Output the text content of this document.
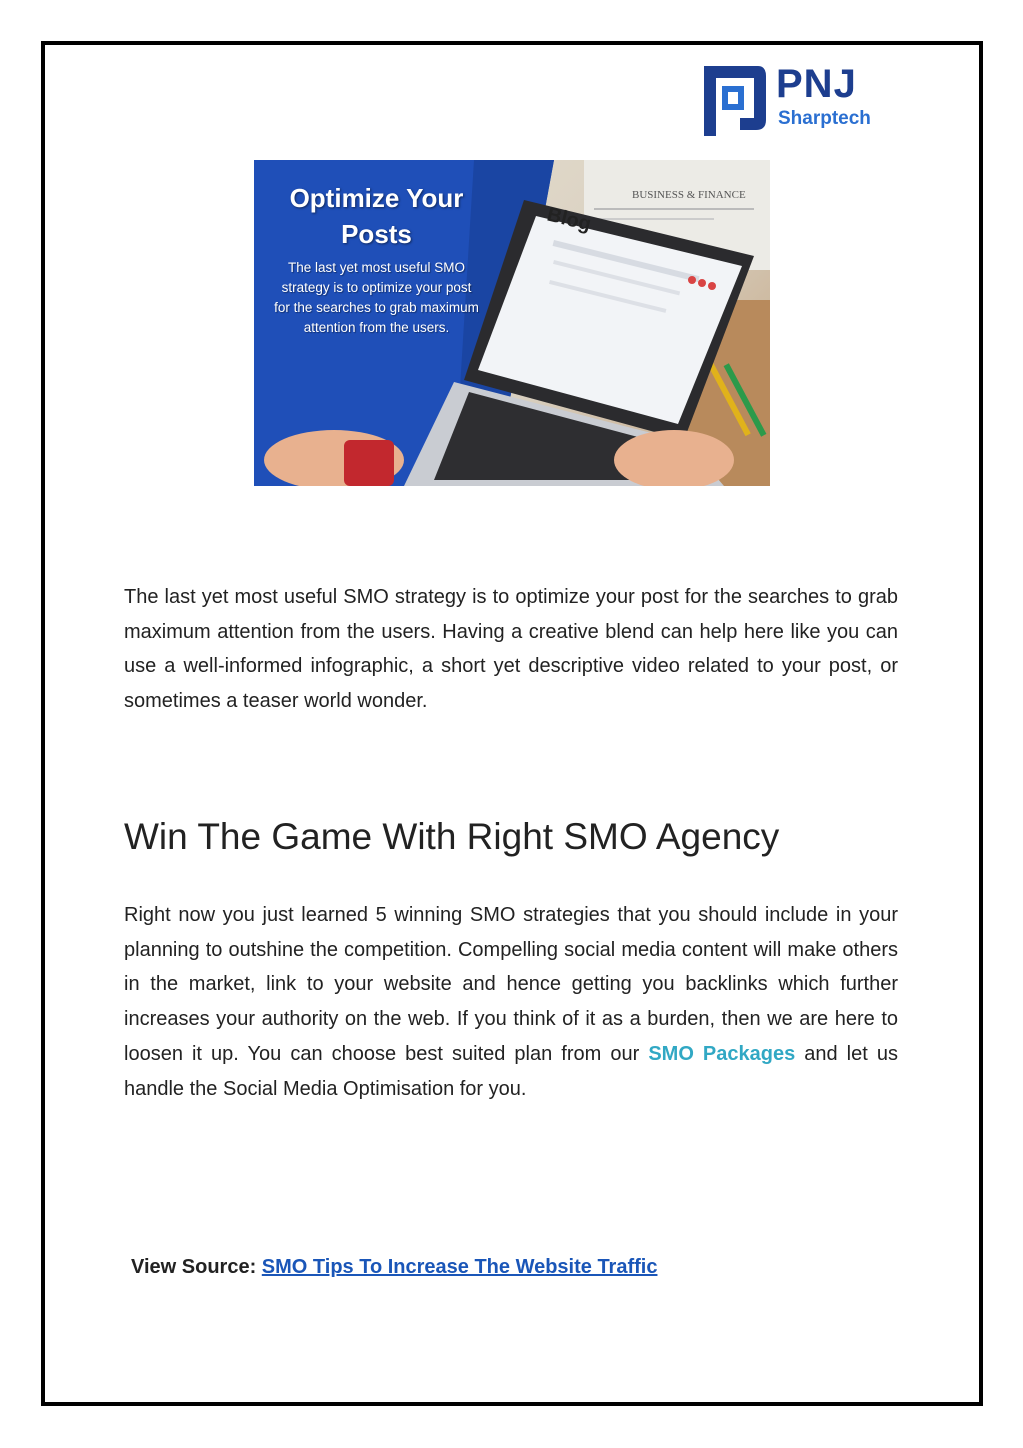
PNJ
Sharptech
BUSINESS & FINANCE
Blog
Optimize Your
Posts
The last yet most useful SMO strategy is to optimize your post for the searches to grab maximum attention from the users.

The last yet most useful SMO strategy is to optimize your post for the searches to grab maximum attention from the users. Having a creative blend can help here like you can use a well-informed infographic, a short yet descriptive video related to your post, or sometimes a teaser world wonder.

Win The Game With Right SMO Agency

Right now you just learned 5 winning SMO strategies that you should include in your planning to outshine the competition. Compelling social media content will make others in the market, link to your website and hence getting you backlinks which further increases your authority on the web. If you think of it as a burden, then we are here to loosen it up. You can choose best suited plan from our SMO Packages and let us handle the Social Media Optimisation for you.

View Source: SMO Tips To Increase The Website Traffic
